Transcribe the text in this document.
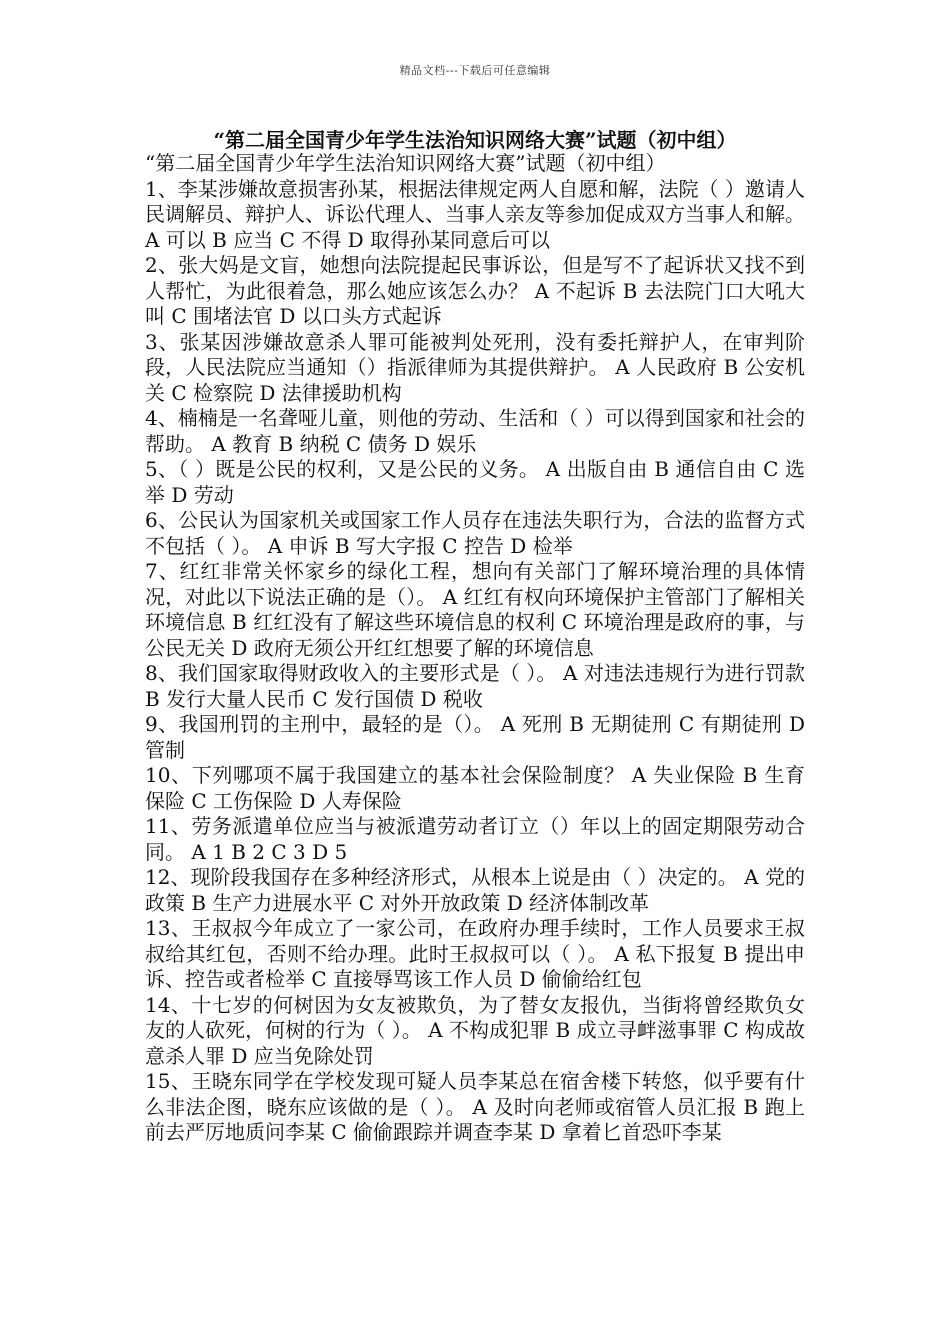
精品文档---下载后可任意编辑
“第二届全国青少年学生法治知识网络大赛”试题（初中组）

“第二届全国青少年学生法治知识网络大赛”试题（初中组）

1、李某涉嫌故意损害孙某，根据法律规定两人自愿和解，法院（ ）邀请人民调解员、辩护人、诉讼代理人、当事人亲友等参加促成双方当事人和解。 A 可以 B 应当 C 不得 D 取得孙某同意后可以

2、张大妈是文盲，她想向法院提起民事诉讼，但是写不了起诉状又找不到人帮忙，为此很着急，那么她应该怎么办？ A 不起诉 B 去法院门口大吼大叫 C 围堵法官 D 以口头方式起诉

3、张某因涉嫌故意杀人罪可能被判处死刑，没有委托辩护人，在审判阶段，人民法院应当通知（）指派律师为其提供辩护。 A 人民政府 B 公安机关 C 检察院 D 法律援助机构

4、楠楠是一名聋哑儿童，则他的劳动、生活和（ ）可以得到国家和社会的帮助。 A 教育 B 纳税 C 债务 D 娱乐

5、（ ）既是公民的权利，又是公民的义务。 A 出版自由 B 通信自由 C 选举 D 劳动

6、公民认为国家机关或国家工作人员存在违法失职行为，合法的监督方式不包括（ ）。 A 申诉 B 写大字报 C 控告 D 检举

7、红红非常关怀家乡的绿化工程，想向有关部门了解环境治理的具体情况，对此以下说法正确的是（）。 A 红红有权向环境保护主管部门了解相关环境信息 B 红红没有了解这些环境信息的权利 C 环境治理是政府的事，与公民无关 D 政府无须公开红红想要了解的环境信息

8、我们国家取得财政收入的主要形式是（ ）。 A 对违法违规行为进行罚款 B 发行大量人民币 C 发行国债 D 税收

9、我国刑罚的主刑中，最轻的是（）。 A 死刑 B 无期徒刑 C 有期徒刑 D 管制

10、下列哪项不属于我国建立的基本社会保险制度？ A 失业保险 B 生育保险 C 工伤保险 D 人寿保险

11、劳务派遣单位应当与被派遣劳动者订立（）年以上的固定期限劳动合同。 A 1 B 2 C 3 D 5

12、现阶段我国存在多种经济形式，从根本上说是由（ ）决定的。 A 党的政策 B 生产力进展水平 C 对外开放政策 D 经济体制改革

13、王叔叔今年成立了一家公司，在政府办理手续时，工作人员要求王叔叔给其红包，否则不给办理。此时王叔叔可以（ ）。 A 私下报复 B 提出申诉、控告或者检举 C 直接辱骂该工作人员 D 偷偷给红包

14、十七岁的何树因为女友被欺负，为了替女友报仇，当街将曾经欺负女友的人砍死，何树的行为（ ）。 A 不构成犯罪 B 成立寻衅滋事罪 C 构成故意杀人罪 D 应当免除处罚

15、王晓东同学在学校发现可疑人员李某总在宿舍楼下转悠，似乎要有什么非法企图，晓东应该做的是（ ）。 A 及时向老师或宿管人员汇报 B 跑上前去严厉地质问李某 C 偷偷跟踪并调查李某 D 拿着匕首恐吓李某
